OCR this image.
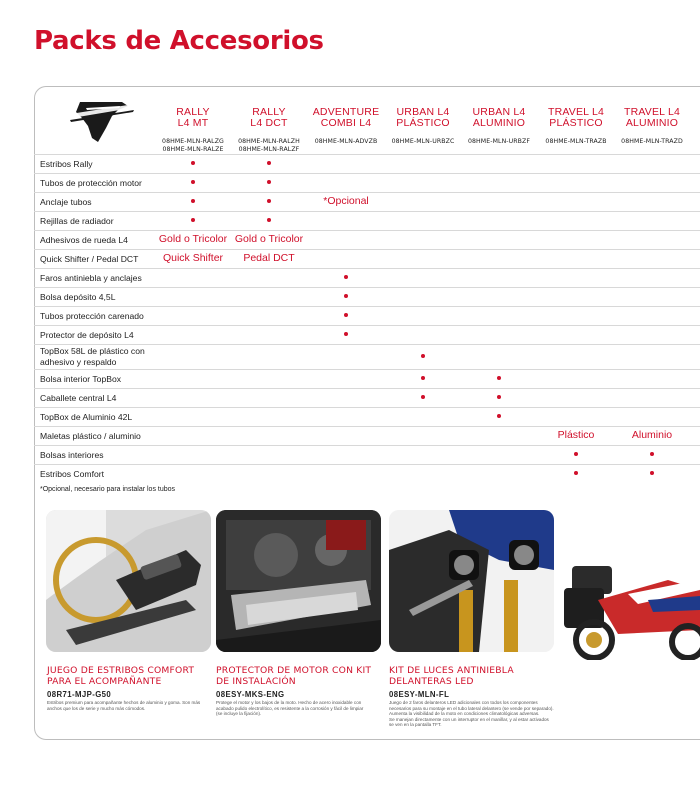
Packs de Accesorios
RALLY
L4 MT
08HME-MLN-RALZG
08HME-MLN-RALZE
RALLY
L4 DCT
08HME-MLN-RALZH
08HME-MLN-RALZF
ADVENTURE
COMBI L4
08HME-MLN-ADVZB
URBAN L4
PLÁSTICO
08HME-MLN-URBZC
URBAN L4
ALUMINIO
08HME-MLN-URBZF
TRAVEL L4
PLÁSTICO
08HME-MLN-TRAZB
TRAVEL L4
ALUMINIO
08HME-MLN-TRAZD
Estribos Rally
Tubos de protección motor
Anclaje tubos
Rejillas de radiador
Adhesivos de rueda L4
Quick Shifter / Pedal DCT
Faros antiniebla y anclajes
Bolsa depósito 4,5L
Tubos protección carenado
Protector de depósito L4
TopBox 58L de plástico con adhesivo y respaldo
Bolsa interior TopBox
Caballete central L4
TopBox de Aluminio 42L
Maletas plástico / aluminio
Bolsas interiores
Estribos Comfort
*Opcional, necesario para instalar los tubos
JUEGO DE ESTRIBOS COMFORT
PARA EL ACOMPAÑANTE
08R71-MJP-G50
Estribos premium para acompañante hechos de aluminio y goma. Son más
anchos que los de serie y mucho más cómodos.
PROTECTOR DE MOTOR CON KIT
DE INSTALACIÓN
08ESY-MKS-ENG
Protege el motor y los bajos de la moto. Hecho de acero inoxidable con
acabado pulido electrolítico, es resistente a la corrosión y fácil de limpiar
(se incluye la fijación).
KIT DE LUCES ANTINIEBLA
DELANTERAS LED
08ESY-MLN-FL
Juego de 2 faros delanteros LED adicionales con todos los componentes
necesarios para su montaje en el tubo lateral delantero (se vende por separado).
Aumenta la visibilidad de la moto en condiciones climatológicas adversas.
Se manejan directamente con un interruptor en el manillar, y al estar activados
se ven en la pantalla TFT.
*Opcional
Gold o Tricolor Gold o Tricolor
Quick Shifter	Pedal DCT
Plástico	Aluminio
